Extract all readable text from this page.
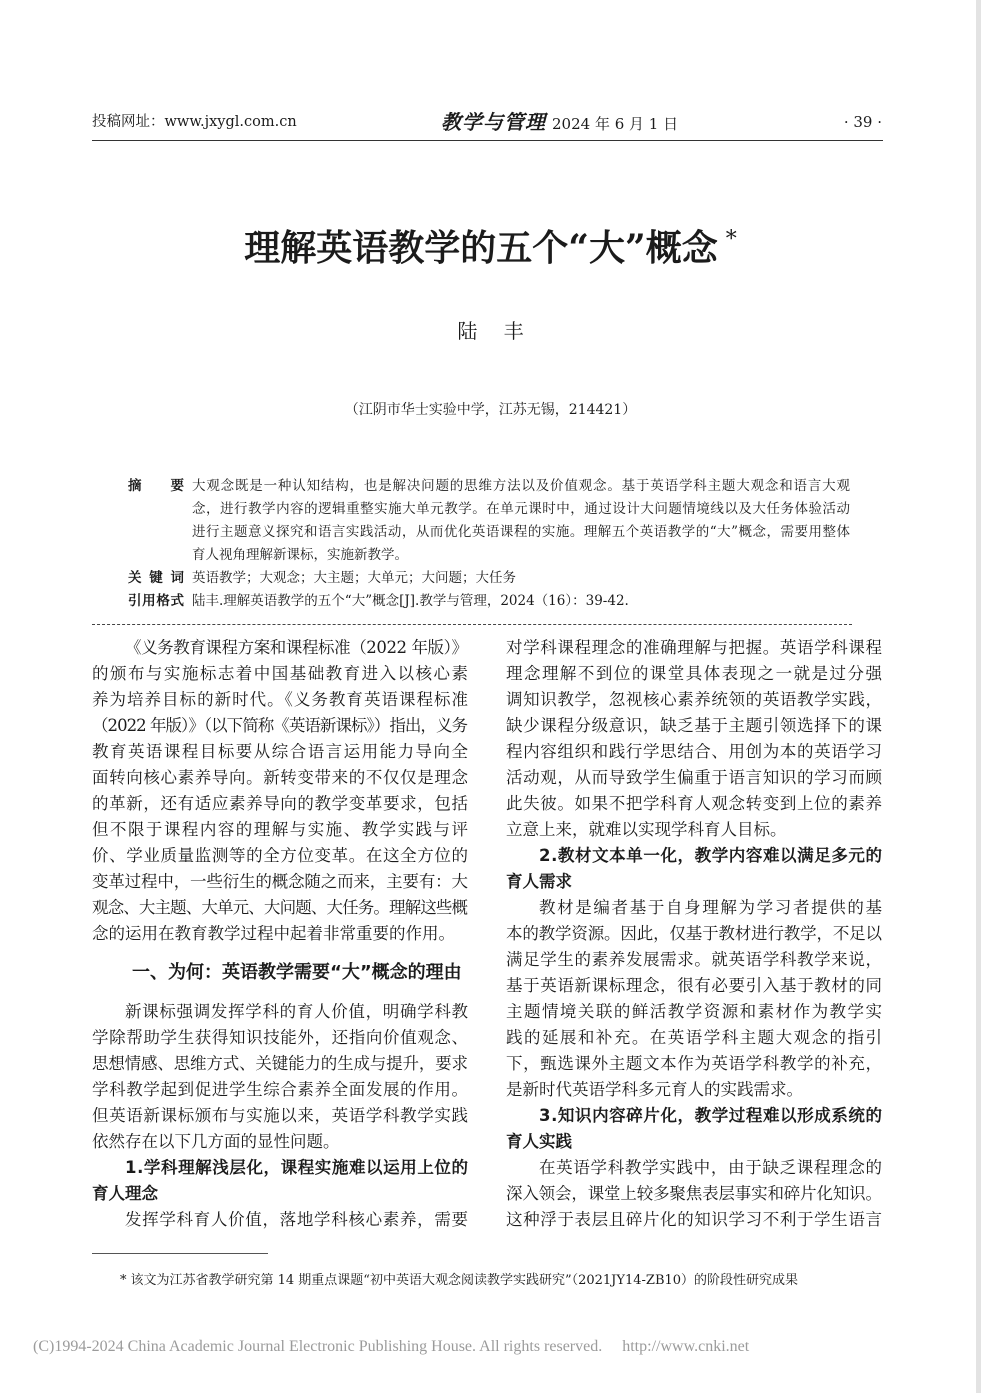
投稿网址：www.jxygl.com.cn	教学与管理 2024 年 6 月 1 日	· 39 ·
理解英语教学的五个“大”概念 *
陆 丰
（江阴市华士实验中学，江苏无锡，214421）
摘　要 大观念既是一种认知结构，也是解决问题的思维方法以及价值观念。基于英语学科主题大观念和语言大观
念，进行教学内容的逻辑重整实施大单元教学。在单元课时中，通过设计大问题情境线以及大任务体验活动
进行主题意义探究和语言实践活动，从而优化英语课程的实施。理解五个英语教学的“大”概念，需要用整体
育人视角理解新课标，实施新教学。
关 键 词 英语教学；大观念；大主题；大单元；大问题；大任务
引用格式 陆丰.理解英语教学的五个“大”概念[J].教学与管理，2024（16）：39-42.
《义务教育课程方案和课程标准（2022 年版）》
的颁布与实施标志着中国基础教育进入以核心素
养为培养目标的新时代。《义务教育英语课程标准
（2022 年版）》（以下简称《英语新课标》）指出，义务
教育英语课程目标要从综合语言运用能力导向全
面转向核心素养导向。新转变带来的不仅仅是理念
的革新，还有适应素养导向的教学变革要求，包括
但不限于课程内容的理解与实施、教学实践与评
价、学业质量监测等的全方位变革。在这全方位的
变革过程中，一些衍生的概念随之而来，主要有：大
观念、大主题、大单元、大问题、大任务。理解这些概
念的运用在教育教学过程中起着非常重要的作用。
一、为何：英语教学需要“大”概念的理由
新课标强调发挥学科的育人价值，明确学科教
学除帮助学生获得知识技能外，还指向价值观念、
思想情感、思维方式、关键能力的生成与提升，要求
学科教学起到促进学生综合素养全面发展的作用。
但英语新课标颁布与实施以来，英语学科教学实践
依然存在以下几方面的显性问题。
1.学科理解浅层化，课程实施难以运用上位的
育人理念
发挥学科育人价值，落地学科核心素养，需要
对学科课程理念的准确理解与把握。英语学科课程
理念理解不到位的课堂具体表现之一就是过分强
调知识教学，忽视核心素养统领的英语教学实践，
缺少课程分级意识，缺乏基于主题引领选择下的课
程内容组织和践行学思结合、用创为本的英语学习
活动观，从而导致学生偏重于语言知识的学习而顾
此失彼。如果不把学科育人观念转变到上位的素养
立意上来，就难以实现学科育人目标。
2.教材文本单一化，教学内容难以满足多元的
育人需求
教材是编者基于自身理解为学习者提供的基
本的教学资源。因此，仅基于教材进行教学，不足以
满足学生的素养发展需求。就英语学科教学来说，
基于英语新课标理念，很有必要引入基于教材的同
主题情境关联的鲜活教学资源和素材作为教学实
践的延展和补充。在英语学科主题大观念的指引
下，甄选课外主题文本作为英语学科教学的补充，
是新时代英语学科多元育人的实践需求。
3.知识内容碎片化，教学过程难以形成系统的
育人实践
在英语学科教学实践中，由于缺乏课程理念的
深入领会，课堂上较多聚焦表层事实和碎片化知识。
这种浮于表层且碎片化的知识学习不利于学生语言
* 该文为江苏省教学研究第 14 期重点课题“初中英语大观念阅读教学实践研究”（2021JY14-ZB10）的阶段性研究成果
(C)1994-2024 China Academic Journal Electronic Publishing House. All rights reserved. http://www.cnki.net
